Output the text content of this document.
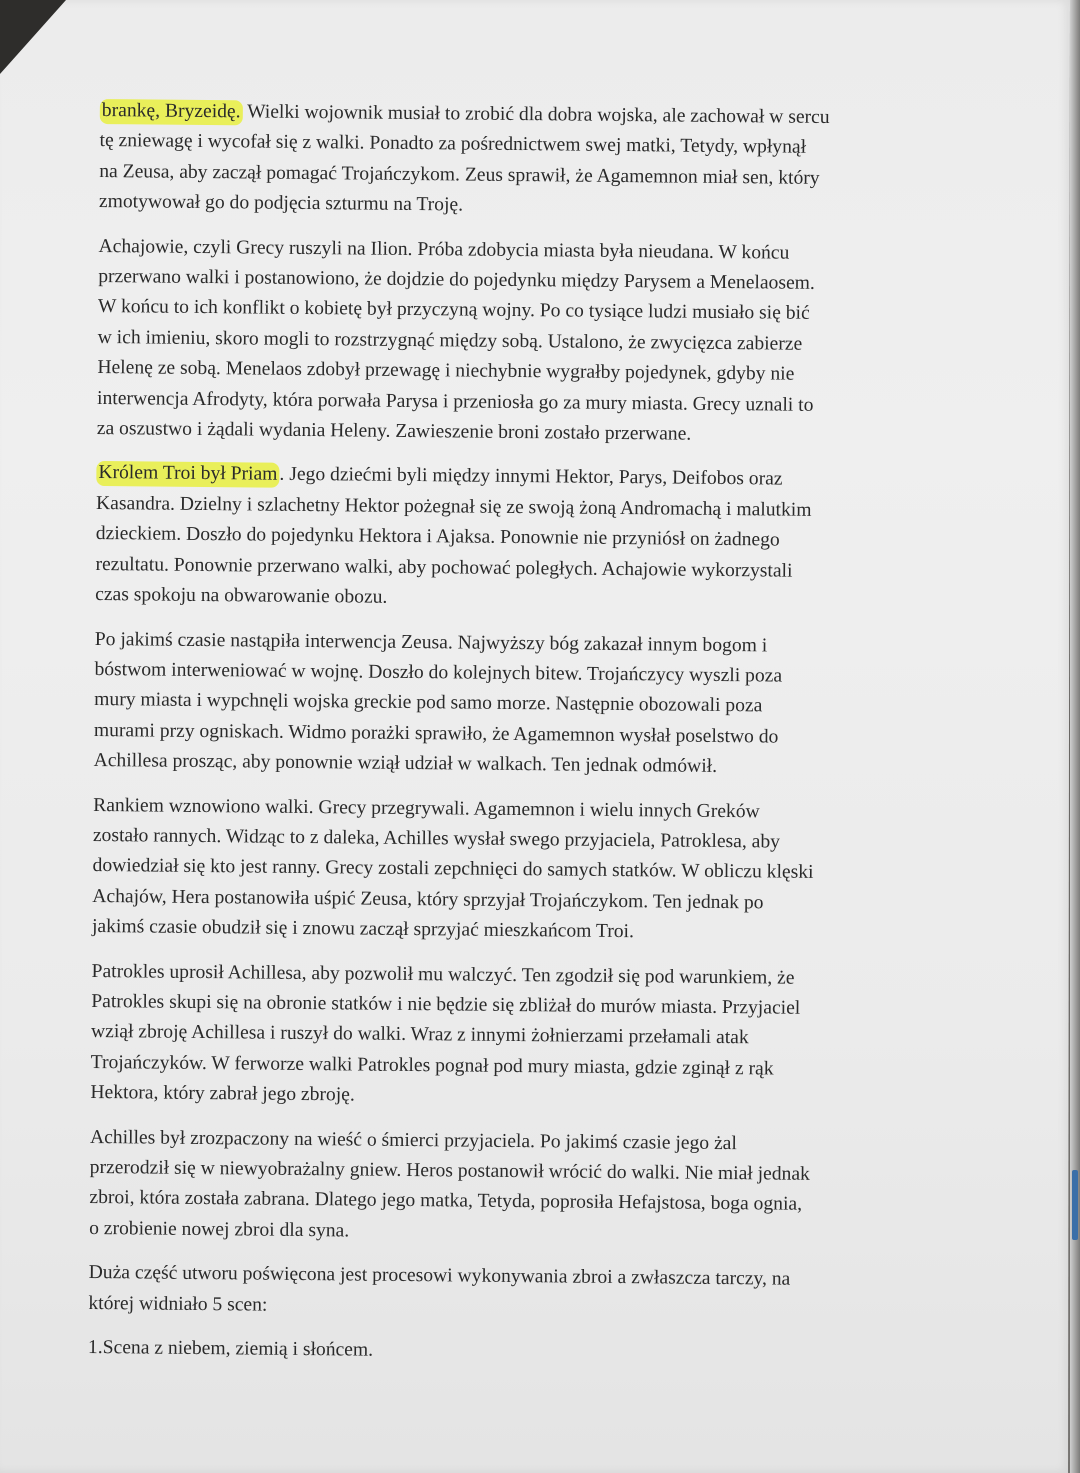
brankę, Bryzeidę. Wielki wojownik musiał to zrobić dla dobra wojska, ale zachował w sercu
tę zniewagę i wycofał się z walki. Ponadto za pośrednictwem swej matki, Tetydy, wpłynął
na Zeusa, aby zaczął pomagać Trojańczykom. Zeus sprawił, że Agamemnon miał sen, który
zmotywował go do podjęcia szturmu na Troję.

Achajowie, czyli Grecy ruszyli na Ilion. Próba zdobycia miasta była nieudana. W końcu
przerwano walki i postanowiono, że dojdzie do pojedynku między Parysem a Menelaosem.
W końcu to ich konflikt o kobietę był przyczyną wojny. Po co tysiące ludzi musiało się bić
w ich imieniu, skoro mogli to rozstrzygnąć między sobą. Ustalono, że zwycięzca zabierze
Helenę ze sobą. Menelaos zdobył przewagę i niechybnie wygrałby pojedynek, gdyby nie
interwencja Afrodyty, która porwała Parysa i przeniosła go za mury miasta. Grecy uznali to
za oszustwo i żądali wydania Heleny. Zawieszenie broni zostało przerwane.

Królem Troi był Priam. Jego dziećmi byli między innymi Hektor, Parys, Deifobos oraz
Kasandra. Dzielny i szlachetny Hektor pożegnał się ze swoją żoną Andromachą i malutkim
dzieckiem. Doszło do pojedynku Hektora i Ajaksa. Ponownie nie przyniósł on żadnego
rezultatu. Ponownie przerwano walki, aby pochować poległych. Achajowie wykorzystali
czas spokoju na obwarowanie obozu.

Po jakimś czasie nastąpiła interwencja Zeusa. Najwyższy bóg zakazał innym bogom i
bóstwom interweniować w wojnę. Doszło do kolejnych bitew. Trojańczycy wyszli poza
mury miasta i wypchnęli wojska greckie pod samo morze. Następnie obozowali poza
murami przy ogniskach. Widmo porażki sprawiło, że Agamemnon wysłał poselstwo do
Achillesa prosząc, aby ponownie wziął udział w walkach. Ten jednak odmówił.

Rankiem wznowiono walki. Grecy przegrywali. Agamemnon i wielu innych Greków
zostało rannych. Widząc to z daleka, Achilles wysłał swego przyjaciela, Patroklesa, aby
dowiedział się kto jest ranny. Grecy zostali zepchnięci do samych statków. W obliczu klęski
Achajów, Hera postanowiła uśpić Zeusa, który sprzyjał Trojańczykom. Ten jednak po
jakimś czasie obudził się i znowu zaczął sprzyjać mieszkańcom Troi.

Patrokles uprosił Achillesa, aby pozwolił mu walczyć. Ten zgodził się pod warunkiem, że
Patrokles skupi się na obronie statków i nie będzie się zbliżał do murów miasta. Przyjaciel
wziął zbroję Achillesa i ruszył do walki. Wraz z innymi żołnierzami przełamali atak
Trojańczyków. W ferworze walki Patrokles pognał pod mury miasta, gdzie zginął z rąk
Hektora, który zabrał jego zbroję.

Achilles był zrozpaczony na wieść o śmierci przyjaciela. Po jakimś czasie jego żal
przerodził się w niewyobrażalny gniew. Heros postanowił wrócić do walki. Nie miał jednak
zbroi, która została zabrana. Dlatego jego matka, Tetyda, poprosiła Hefajstosa, boga ognia,
o zrobienie nowej zbroi dla syna.

Duża część utworu poświęcona jest procesowi wykonywania zbroi a zwłaszcza tarczy, na
której widniało 5 scen:

1.Scena z niebem, ziemią i słońcem.
